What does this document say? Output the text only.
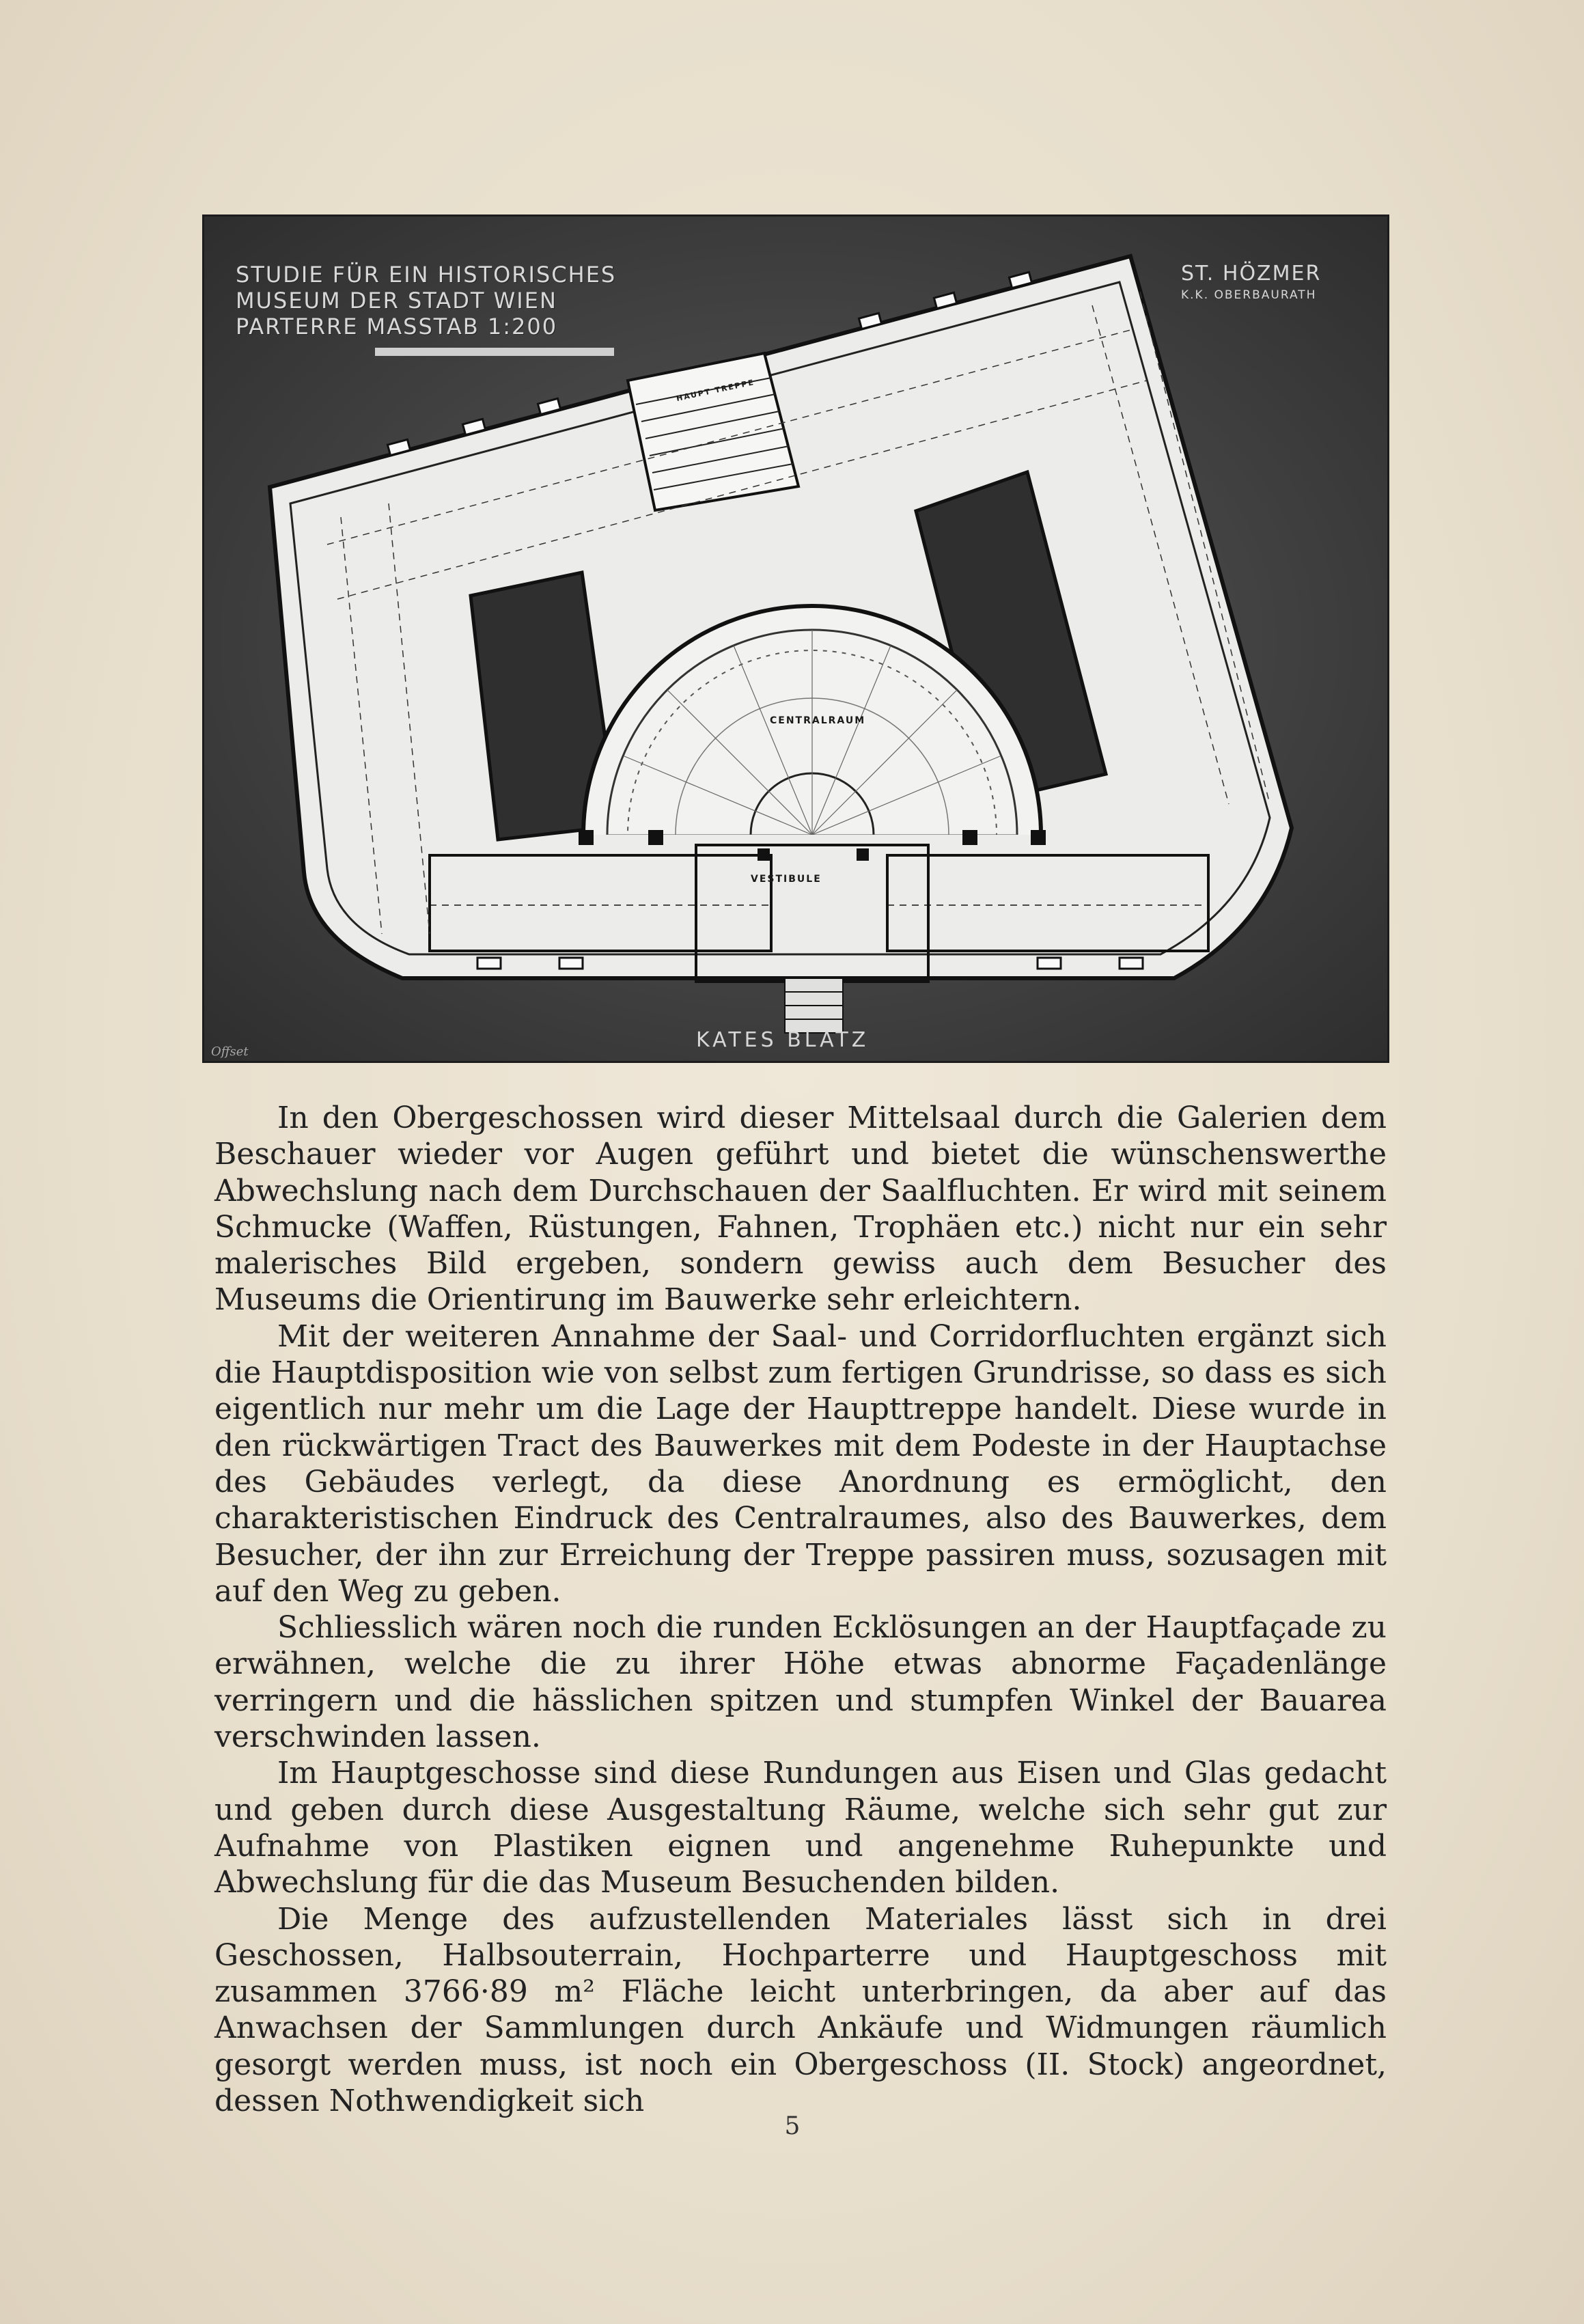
STUDIE FÜR EIN HISTORISCHES
MUSEUM DER STADT WIEN
PARTERRE MASSTAB 1:200

ST. HÖZMER
K.K. OBERBAURATH

CENTRALRAUM

VESTIBULE

HAUPT TREPPE

KATES BLATZ

Offset

In den Obergeschossen wird dieser Mittelsaal durch die Galerien dem Beschauer wieder vor Augen geführt und bietet die wünschenswerthe Abwechslung nach dem Durchschauen der Saalfluchten. Er wird mit seinem Schmucke (Waffen, Rüstungen, Fahnen, Trophäen etc.) nicht nur ein sehr malerisches Bild ergeben, sondern gewiss auch dem Besucher des Museums die Orientirung im Bauwerke sehr erleichtern.

Mit der weiteren Annahme der Saal- und Corridorfluchten ergänzt sich die Hauptdisposition wie von selbst zum fertigen Grundrisse, so dass es sich eigentlich nur mehr um die Lage der Haupttreppe handelt. Diese wurde in den rückwärtigen Tract des Bauwerkes mit dem Podeste in der Hauptachse des Gebäudes verlegt, da diese Anordnung es ermöglicht, den charakteristischen Eindruck des Centralraumes, also des Bauwerkes, dem Besucher, der ihn zur Erreichung der Treppe passiren muss, sozusagen mit auf den Weg zu geben.

Schliesslich wären noch die runden Ecklösungen an der Hauptfaçade zu erwähnen, welche die zu ihrer Höhe etwas abnorme Façadenlänge verringern und die hässlichen spitzen und stumpfen Winkel der Bauarea verschwinden lassen.

Im Hauptgeschosse sind diese Rundungen aus Eisen und Glas gedacht und geben durch diese Ausgestaltung Räume, welche sich sehr gut zur Aufnahme von Plastiken eignen und angenehme Ruhepunkte und Abwechslung für die das Museum Besuchenden bilden.

Die Menge des aufzustellenden Materiales lässt sich in drei Geschossen, Halbsouterrain, Hochparterre und Hauptgeschoss mit zusammen 3766·89 m² Fläche leicht unterbringen, da aber auf das Anwachsen der Sammlungen durch Ankäufe und Widmungen räumlich gesorgt werden muss, ist noch ein Obergeschoss (II. Stock) angeordnet, dessen Nothwendigkeit sich

5
